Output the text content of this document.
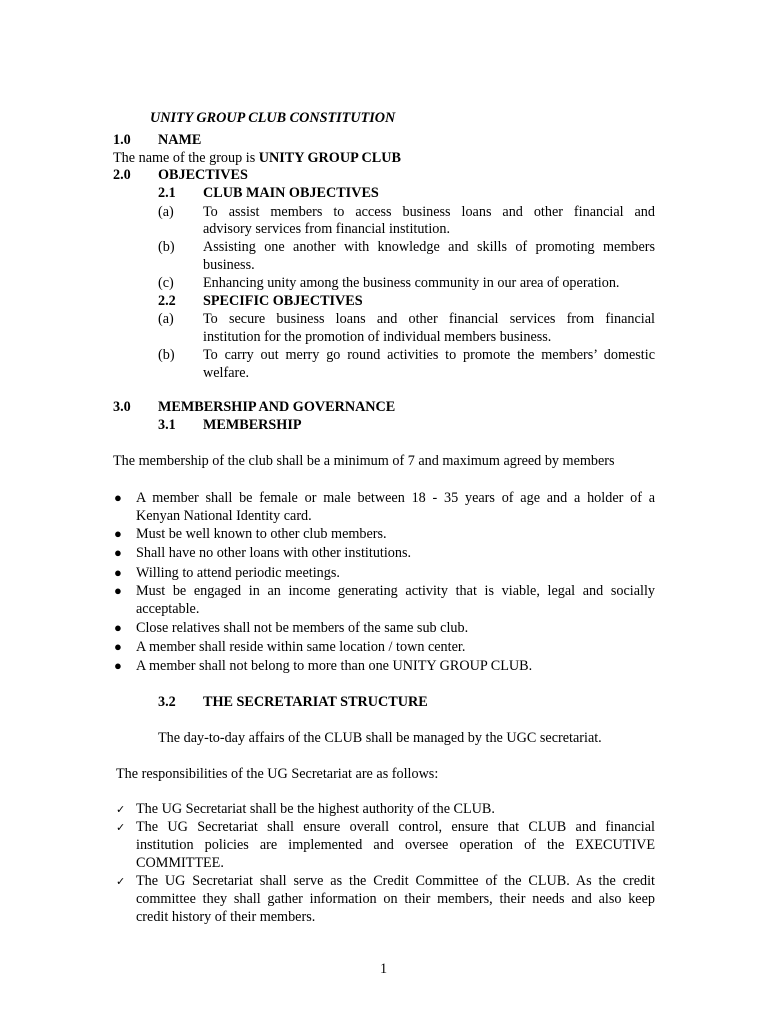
UNITY GROUP CLUB CONSTITUTION
1.0 NAME
The name of the group is UNITY GROUP CLUB
2.0 OBJECTIVES
2.1 CLUB MAIN OBJECTIVES
(a) To assist members to access business loans and other financial and
advisory services from financial institution.
(b) Assisting one another with knowledge and skills of promoting members
business.
(c) Enhancing unity among the business community in our area of operation.
2.2 SPECIFIC OBJECTIVES
(a) To secure business loans and other financial services from financial
institution for the promotion of individual members business.
(b) To carry out merry go round activities to promote the members’ domestic
welfare.
3.0 MEMBERSHIP AND GOVERNANCE
3.1 MEMBERSHIP
The membership of the club shall be a minimum of 7 and maximum agreed by members
● A member shall be female or male between 18 - 35 years of age and a holder of a
Kenyan National Identity card.
● Must be well known to other club members.
● Shall have no other loans with other institutions.
● Willing to attend periodic meetings.
● Must be engaged in an income generating activity that is viable, legal and socially
acceptable.
● Close relatives shall not be members of the same sub club.
● A member shall reside within same location / town center.
● A member shall not belong to more than one UNITY GROUP CLUB.
3.2 THE SECRETARIAT STRUCTURE
The day-to-day affairs of the CLUB shall be managed by the UGC secretariat.
The responsibilities of the UG Secretariat are as follows:
✓ The UG Secretariat shall be the highest authority of the CLUB.
✓ The UG Secretariat shall ensure overall control, ensure that CLUB and financial
institution policies are implemented and oversee operation of the EXECUTIVE
COMMITTEE.
✓ The UG Secretariat shall serve as the Credit Committee of the CLUB. As the credit
committee they shall gather information on their members, their needs and also keep
credit history of their members.
1
